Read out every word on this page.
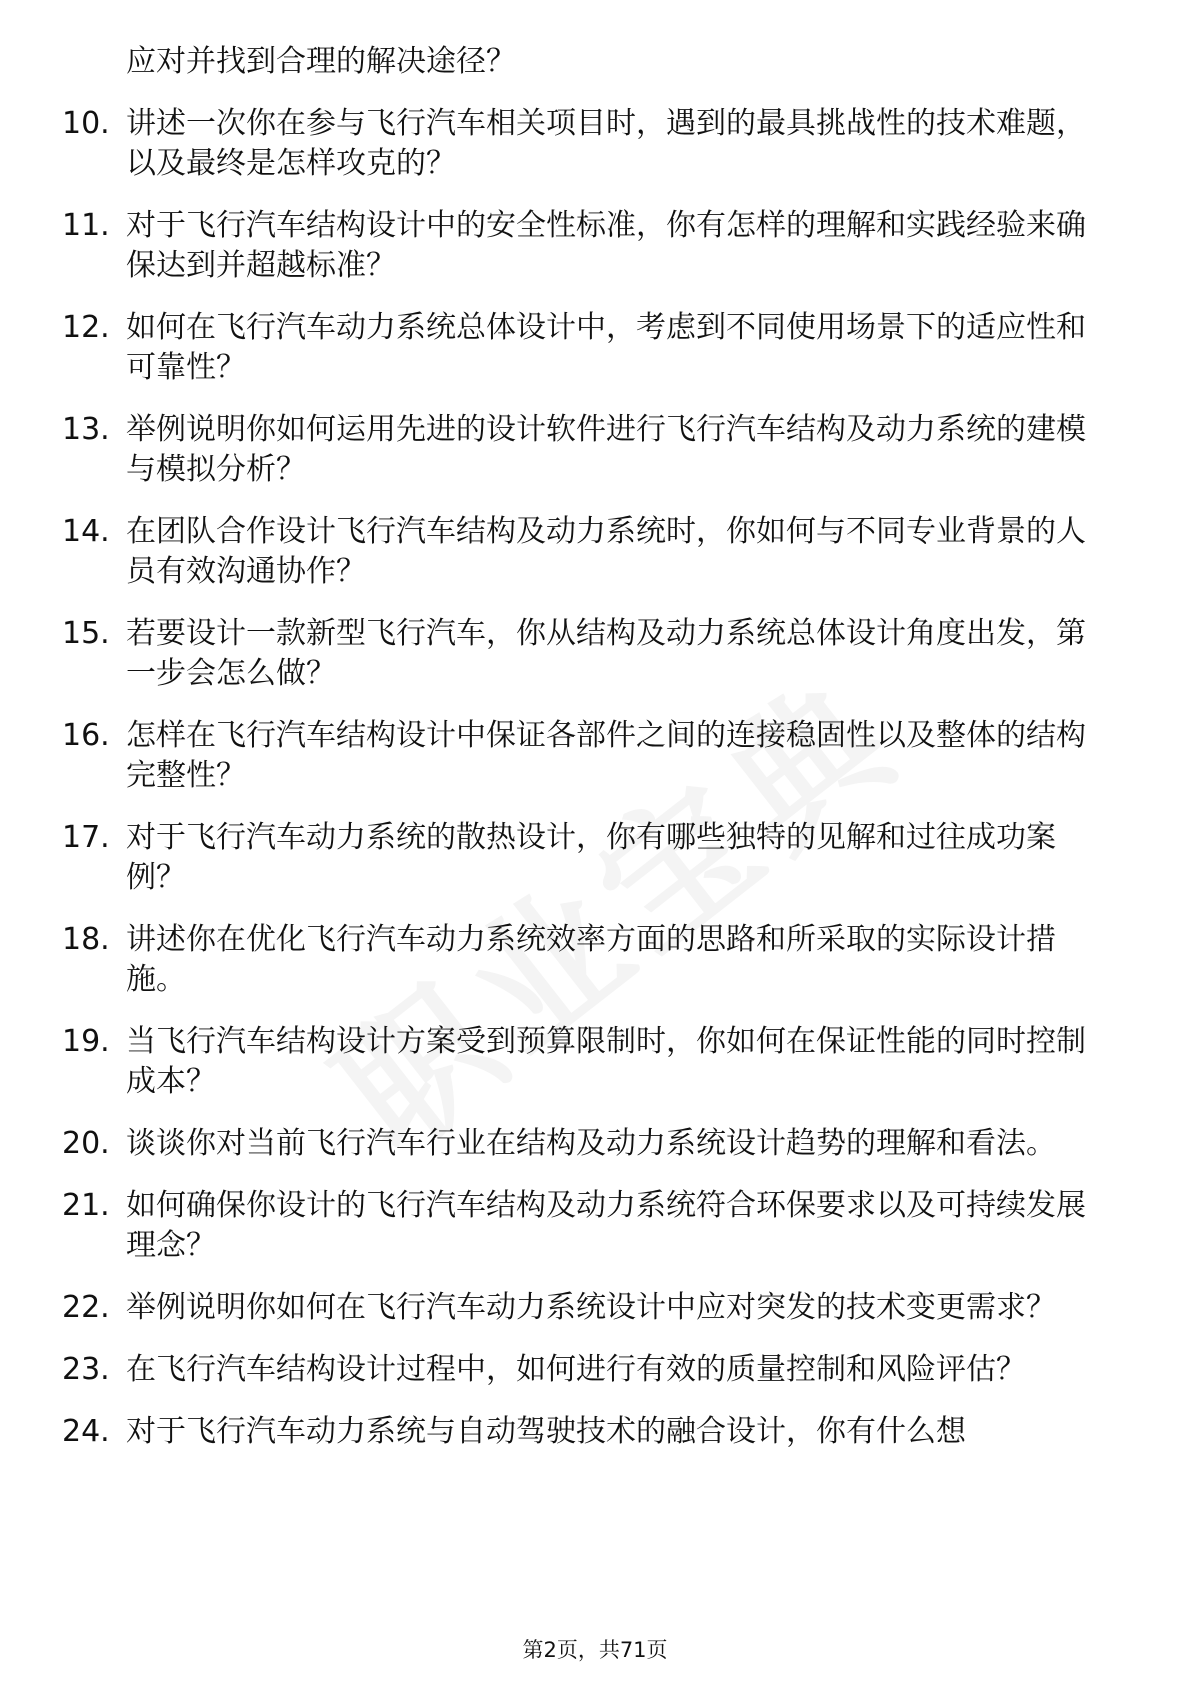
应对并找到合理的解决途径？

10. 讲述一次你在参与飞行汽车相关项目时，遇到的最具挑战性的技术难题，以及最终是怎样攻克的？
11. 对于飞行汽车结构设计中的安全性标准，你有怎样的理解和实践经验来确保达到并超越标准？
12. 如何在飞行汽车动力系统总体设计中，考虑到不同使用场景下的适应性和可靠性？
13. 举例说明你如何运用先进的设计软件进行飞行汽车结构及动力系统的建模与模拟分析？
14. 在团队合作设计飞行汽车结构及动力系统时，你如何与不同专业背景的人员有效沟通协作？
15. 若要设计一款新型飞行汽车，你从结构及动力系统总体设计角度出发，第一步会怎么做？
16. 怎样在飞行汽车结构设计中保证各部件之间的连接稳固性以及整体的结构完整性？
17. 对于飞行汽车动力系统的散热设计，你有哪些独特的见解和过往成功案例？
18. 讲述你在优化飞行汽车动力系统效率方面的思路和所采取的实际设计措施。
19. 当飞行汽车结构设计方案受到预算限制时，你如何在保证性能的同时控制成本？
20. 谈谈你对当前飞行汽车行业在结构及动力系统设计趋势的理解和看法。
21. 如何确保你设计的飞行汽车结构及动力系统符合环保要求以及可持续发展理念？
22. 举例说明你如何在飞行汽车动力系统设计中应对突发的技术变更需求？
23. 在飞行汽车结构设计过程中，如何进行有效的质量控制和风险评估？
24. 对于飞行汽车动力系统与自动驾驶技术的融合设计，你有什么想
第2页，共71页
